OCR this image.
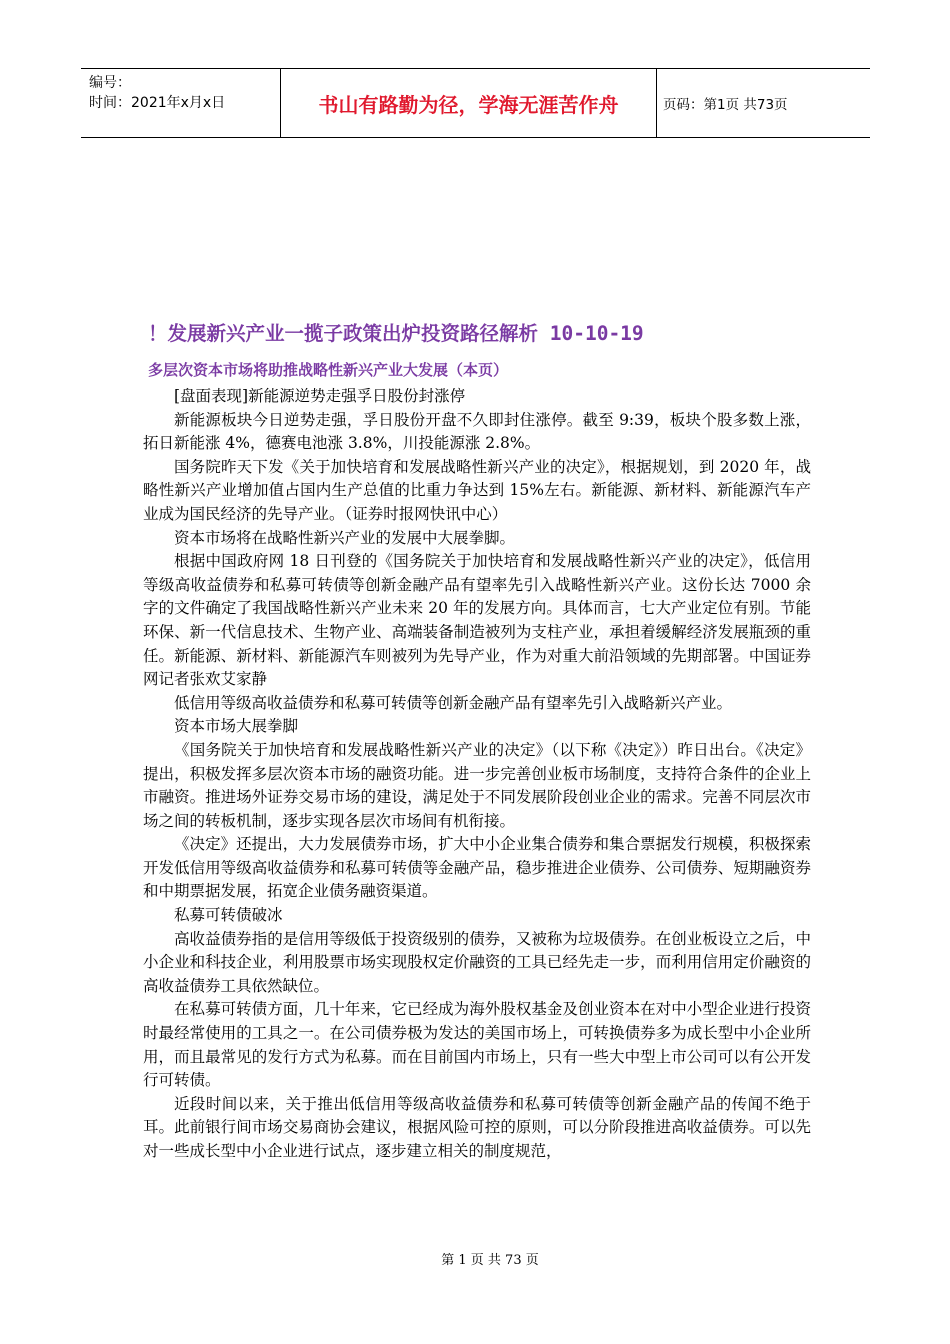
编号：
时间：2021年x月x日	书山有路勤为径，学海无涯苦作舟	页码：第1页 共73页
！发展新兴产业一揽子政策出炉投资路径解析 10-10-19
多层次资本市场将助推战略性新兴产业大发展（本页）

[盘面表现]新能源逆势走强孚日股份封涨停

新能源板块今日逆势走强，孚日股份开盘不久即封住涨停。截至 9:39，板块个股多数上涨，拓日新能涨 4%，德赛电池涨 3.8%，川投能源涨 2.8%。

国务院昨天下发《关于加快培育和发展战略性新兴产业的决定》，根据规划，到 2020 年，战略性新兴产业增加值占国内生产总值的比重力争达到 15%左右。新能源、新材料、新能源汽车产业成为国民经济的先导产业。（证券时报网快讯中心）

资本市场将在战略性新兴产业的发展中大展拳脚。

根据中国政府网 18 日刊登的《国务院关于加快培育和发展战略性新兴产业的决定》，低信用等级高收益债券和私募可转债等创新金融产品有望率先引入战略性新兴产业。这份长达 7000 余字的文件确定了我国战略性新兴产业未来 20 年的发展方向。具体而言，七大产业定位有别。节能环保、新一代信息技术、生物产业、高端装备制造被列为支柱产业，承担着缓解经济发展瓶颈的重任。新能源、新材料、新能源汽车则被列为先导产业，作为对重大前沿领域的先期部署。中国证券网记者张欢艾家静

低信用等级高收益债券和私募可转债等创新金融产品有望率先引入战略新兴产业。

资本市场大展拳脚

《国务院关于加快培育和发展战略性新兴产业的决定》（以下称《决定》）昨日出台。《决定》提出，积极发挥多层次资本市场的融资功能。进一步完善创业板市场制度，支持符合条件的企业上市融资。推进场外证券交易市场的建设，满足处于不同发展阶段创业企业的需求。完善不同层次市场之间的转板机制，逐步实现各层次市场间有机衔接。

《决定》还提出，大力发展债券市场，扩大中小企业集合债券和集合票据发行规模，积极探索开发低信用等级高收益债券和私募可转债等金融产品，稳步推进企业债券、公司债券、短期融资券和中期票据发展，拓宽企业债务融资渠道。

私募可转债破冰

高收益债券指的是信用等级低于投资级别的债券，又被称为垃圾债券。在创业板设立之后，中小企业和科技企业，利用股票市场实现股权定价融资的工具已经先走一步，而利用信用定价融资的高收益债券工具依然缺位。

在私募可转债方面，几十年来，它已经成为海外股权基金及创业资本在对中小型企业进行投资时最经常使用的工具之一。在公司债券极为发达的美国市场上，可转换债券多为成长型中小企业所用，而且最常见的发行方式为私募。而在目前国内市场上，只有一些大中型上市公司可以有公开发行可转债。

近段时间以来，关于推出低信用等级高收益债券和私募可转债等创新金融产品的传闻不绝于耳。此前银行间市场交易商协会建议，根据风险可控的原则，可以分阶段推进高收益债券。可以先对一些成长型中小企业进行试点，逐步建立相关的制度规范，

第 1 页 共 73 页
